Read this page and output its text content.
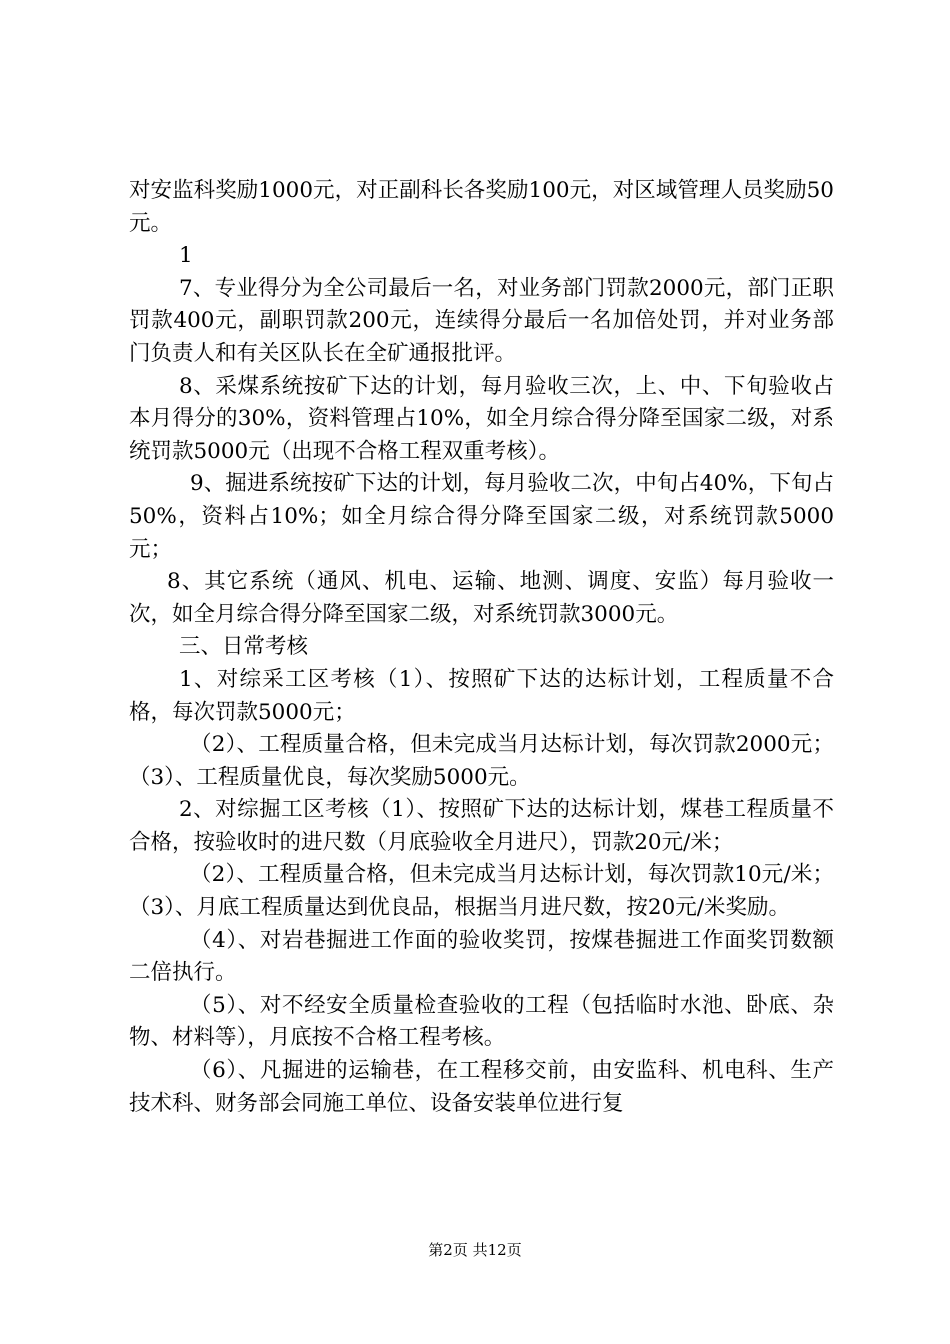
对安监科奖励1000元，对正副科长各奖励100元，对区域管理人员奖励50元。

1

7、专业得分为全公司最后一名，对业务部门罚款2000元，部门正职罚款400元，副职罚款200元，连续得分最后一名加倍处罚，并对业务部门负责人和有关区队长在全矿通报批评。

8、采煤系统按矿下达的计划，每月验收三次，上、中、下旬验收占本月得分的30%，资料管理占10%，如全月综合得分降至国家二级，对系统罚款5000元（出现不合格工程双重考核）。

9、掘进系统按矿下达的计划，每月验收二次，中旬占40%，下旬占50%，资料占10%；如全月综合得分降至国家二级，对系统罚款5000元；

8、其它系统（通风、机电、运输、地测、调度、安监）每月验收一次，如全月综合得分降至国家二级，对系统罚款3000元。

三、日常考核

1、对综采工区考核（1）、按照矿下达的达标计划，工程质量不合格，每次罚款5000元；

（2）、工程质量合格，但未完成当月达标计划，每次罚款2000元；（3）、工程质量优良，每次奖励5000元。

2、对综掘工区考核（1）、按照矿下达的达标计划，煤巷工程质量不合格，按验收时的进尺数（月底验收全月进尺），罚款20元/米；

（2）、工程质量合格，但未完成当月达标计划，每次罚款10元/米；（3）、月底工程质量达到优良品，根据当月进尺数，按20元/米奖励。

（4）、对岩巷掘进工作面的验收奖罚，按煤巷掘进工作面奖罚数额二倍执行。

（5）、对不经安全质量检查验收的工程（包括临时水池、卧底、杂物、材料等），月底按不合格工程考核。

（6）、凡掘进的运输巷，在工程移交前，由安监科、机电科、生产技术科、财务部会同施工单位、设备安装单位进行复

第2页 共12页
